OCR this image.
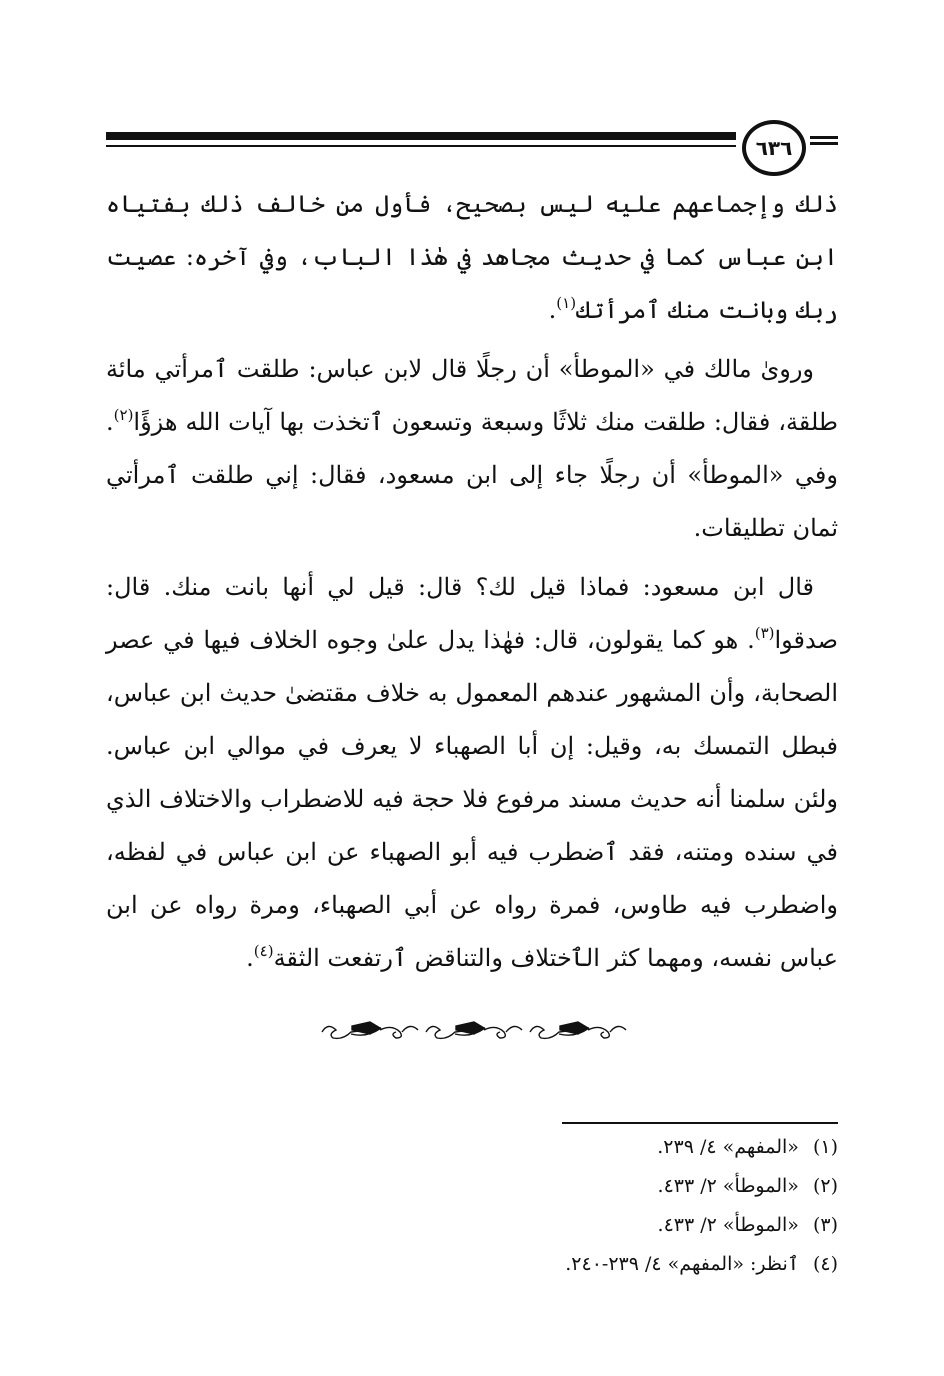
٦٣٦

ذلك وإجماعهم عليه ليس بصحيح، فأول من خالف ذلك بفتياه ابن عباس كما في حديث مجاهد في هٰذا الباب، وفي آخره: عصيت ربك وبانت منك ٱمرأتك$^{(١)}$.

وروىٰ مالك في «الموطأ» أن رجلًا قال لابن عباس: طلقت ٱمرأتي مائة طلقة، فقال: طلقت منك ثلاثًا وسبعة وتسعون ٱتخذت بها آيات الله هزؤًا$^{(٢)}$. وفي «الموطأ» أن رجلًا جاء إلى ابن مسعود، فقال: إني طلقت ٱمرأتي ثمان تطليقات.

قال ابن مسعود: فماذا قيل لك؟ قال: قيل لي أنها بانت منك. قال: صدقوا$^{(٣)}$. هو كما يقولون، قال: فهٰذا يدل علىٰ وجوه الخلاف فيها في عصر الصحابة، وأن المشهور عندهم المعمول به خلاف مقتضىٰ حديث ابن عباس، فبطل التمسك به، وقيل: إن أبا الصهباء لا يعرف في موالي ابن عباس. ولئن سلمنا أنه حديث مسند مرفوع فلا حجة فيه للاضطراب والاختلاف الذي في سنده ومتنه، فقد ٱضطرب فيه أبو الصهباء عن ابن عباس في لفظه، واضطرب فيه طاوس، فمرة رواه عن أبي الصهباء، ومرة رواه عن ابن عباس نفسه، ومهما كثر الٱختلاف والتناقض ٱرتفعت الثقة$^{(٤)}$.

(١)«المفهم» ٤/ ٢٣٩.
(٢)«الموطأ» ٢/ ٤٣٣.
(٣)«الموطأ» ٢/ ٤٣٣.
(٤)ٱنظر: «المفهم» ٤/ ٢٣٩-٢٤٠.
